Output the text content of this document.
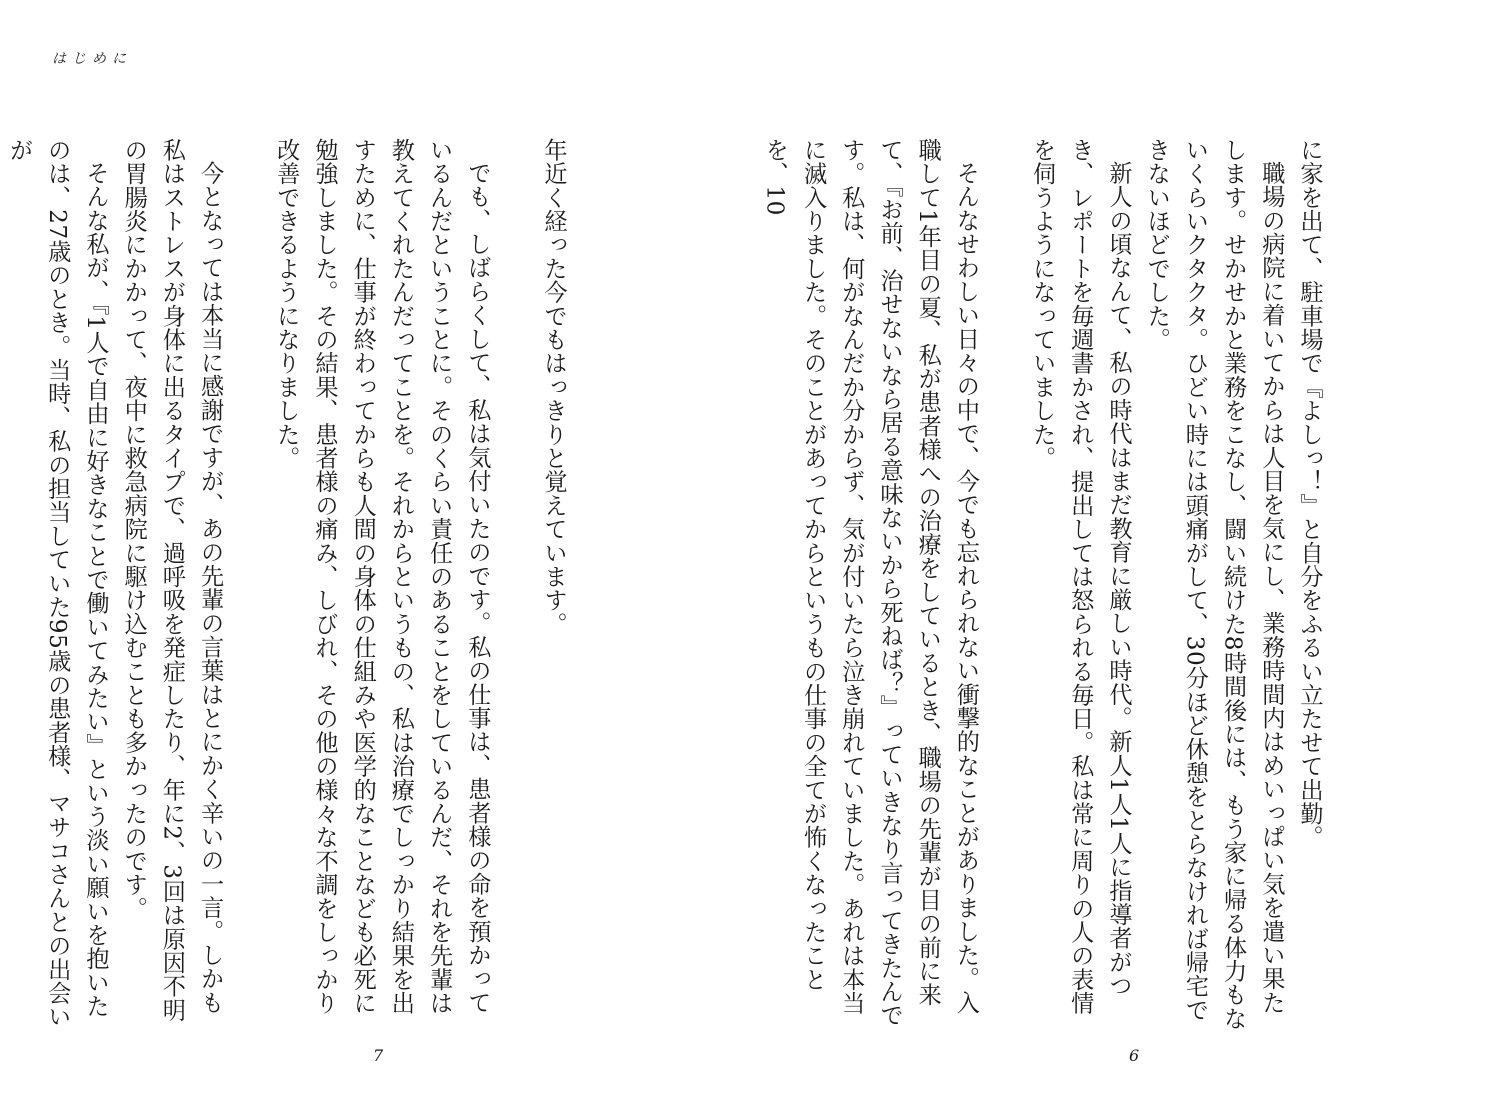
はじめに

に家を出て、駐車場で『よしっ！』と自分をふるい立たせて出勤。

職場の病院に着いてからは人目を気にし、業務時間内はめいっぱい気を遣い果たします。せかせかと業務をこなし、闘い続けた8時間後には、もう家に帰る体力もないくらいクタクタ。ひどい時には頭痛がして、30分ほど休憩をとらなければ帰宅できないほどでした。

新人の頃なんて、私の時代はまだ教育に厳しい時代。新人1人1人に指導者がつき、レポートを毎週書かされ、提出しては怒られる毎日。私は常に周りの人の表情を伺うようになっていました。

そんなせわしい日々の中で、今でも忘れられない衝撃的なことがありました。入職して1年目の夏、私が患者様への治療をしているとき、職場の先輩が目の前に来て、『お前、治せないなら居る意味ないから死ねば？』っていきなり言ってきたんです。私は、何がなんだか分からず、気が付いたら泣き崩れていました。あれは本当に滅入りました。そのことがあってからというもの仕事の全てが怖くなったことを、10

年近く経った今でもはっきりと覚えています。

でも、しばらくして、私は気付いたのです。私の仕事は、患者様の命を預かっているんだということに。そのくらい責任のあることをしているんだ、それを先輩は教えてくれたんだってことを。それからというもの、私は治療でしっかり結果を出すために、仕事が終わってからも人間の身体の仕組みや医学的なことなども必死に勉強しました。その結果、患者様の痛み、しびれ、その他の様々な不調をしっかり改善できるようになりました。

今となっては本当に感謝ですが、あの先輩の言葉はとにかく辛いの一言。しかも私はストレスが身体に出るタイプで、過呼吸を発症したり、年に2、3回は原因不明の胃腸炎にかかって、夜中に救急病院に駆け込むことも多かったのです。

そんな私が、『1人で自由に好きなことで働いてみたい』という淡い願いを抱いたのは、27歳のとき。当時、私の担当していた95歳の患者様、マサコさんとの出会いが

6
7
